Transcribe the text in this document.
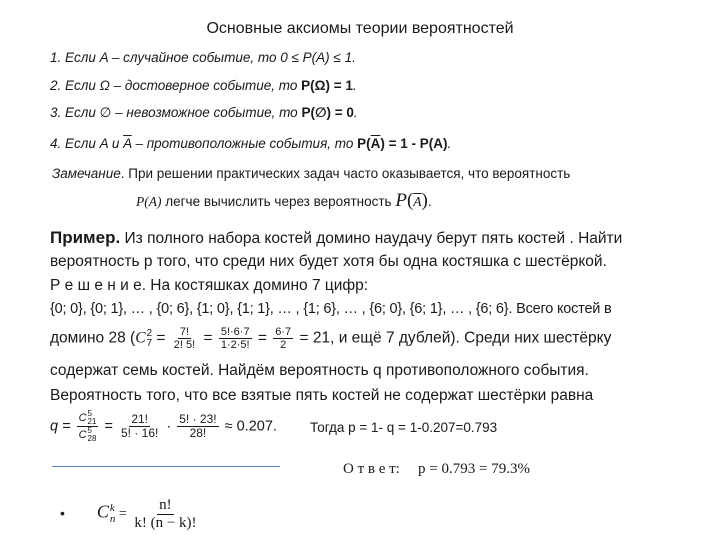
Основные аксиомы теории вероятностей
1. Если A – случайное событие, то 0 ≤ P(A) ≤ 1.
2. Если Ω – достоверное событие, то P(Ω) = 1.
3. Если ∅ – невозможное событие, то P(∅) = 0.
4. Если A и $\overline{A}$ – противоположные события, то $P(\overline{A}) = 1 - P(A)$.
Замечание. При решении практических задач часто оказывается, что вероятность
P(A) легче вычислить через вероятность $P(\overline{A})$.
Пример. Из полного набора костей домино наудачу берут пять костей . Найти
вероятность р того, что среди них будет хотя бы одна костяшка с шестёркой.
Р е ш е н и е. На костяшках домино 7 цифр:
{0; 0}, {0; 1}, … , {0; 6}, {1; 0}, {1; 1}, … , {1; 6}, … , {6; 0}, {6; 1}, … , {6; 6}. Всего костей в
домино 28 (C 2
$7 = \frac{7!}{2! 5!} = \frac{5!\cdot 6\cdot 7}{1\cdot 2\cdot 5!} = \frac{6\cdot 7}{2} = 21$, и ещё 7 дублей). Среди них шестёрку
содержат семь костей. Найдём вероятность q противоположного события.
Вероятность того, что все взятые пять костей не содержат шестёрки равна
q = C 5
21
C 5
$28 = \frac{21!}{5! \cdot 16!} \cdot \frac{5! \cdot 23!}{28!} \approx 0.207$. Тогда р = 1- q = 1-0.207=0.793
О т в е т: p = 0.793 = 79.3%
• C k
$n = \frac{n!}{k! (n - k)!}$
